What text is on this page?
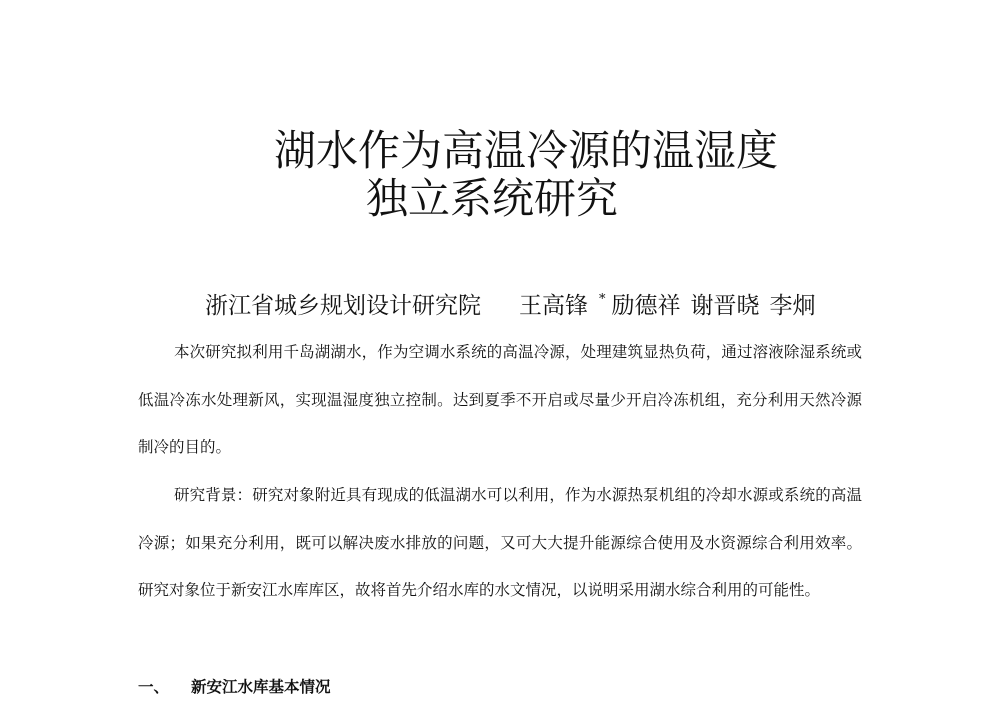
湖水作为高温冷源的温湿度
独立系统研究
浙江省城乡规划设计研究院 王高锋 * 励德祥 谢晋晓 李炯

本次研究拟利用千岛湖湖水，作为空调水系统的高温冷源，处理建筑显热负荷，通过溶液除湿系统或低温冷冻水处理新风，实现温湿度独立控制。达到夏季不开启或尽量少开启冷冻机组，充分利用天然冷源制冷的目的。

研究背景：研究对象附近具有现成的低温湖水可以利用，作为水源热泵机组的冷却水源或系统的高温冷源；如果充分利用，既可以解决废水排放的问题，又可大大提升能源综合使用及水资源综合利用效率。研究对象位于新安江水库库区，故将首先介绍水库的水文情况，以说明采用湖水综合利用的可能性。

一、 新安江水库基本情况
